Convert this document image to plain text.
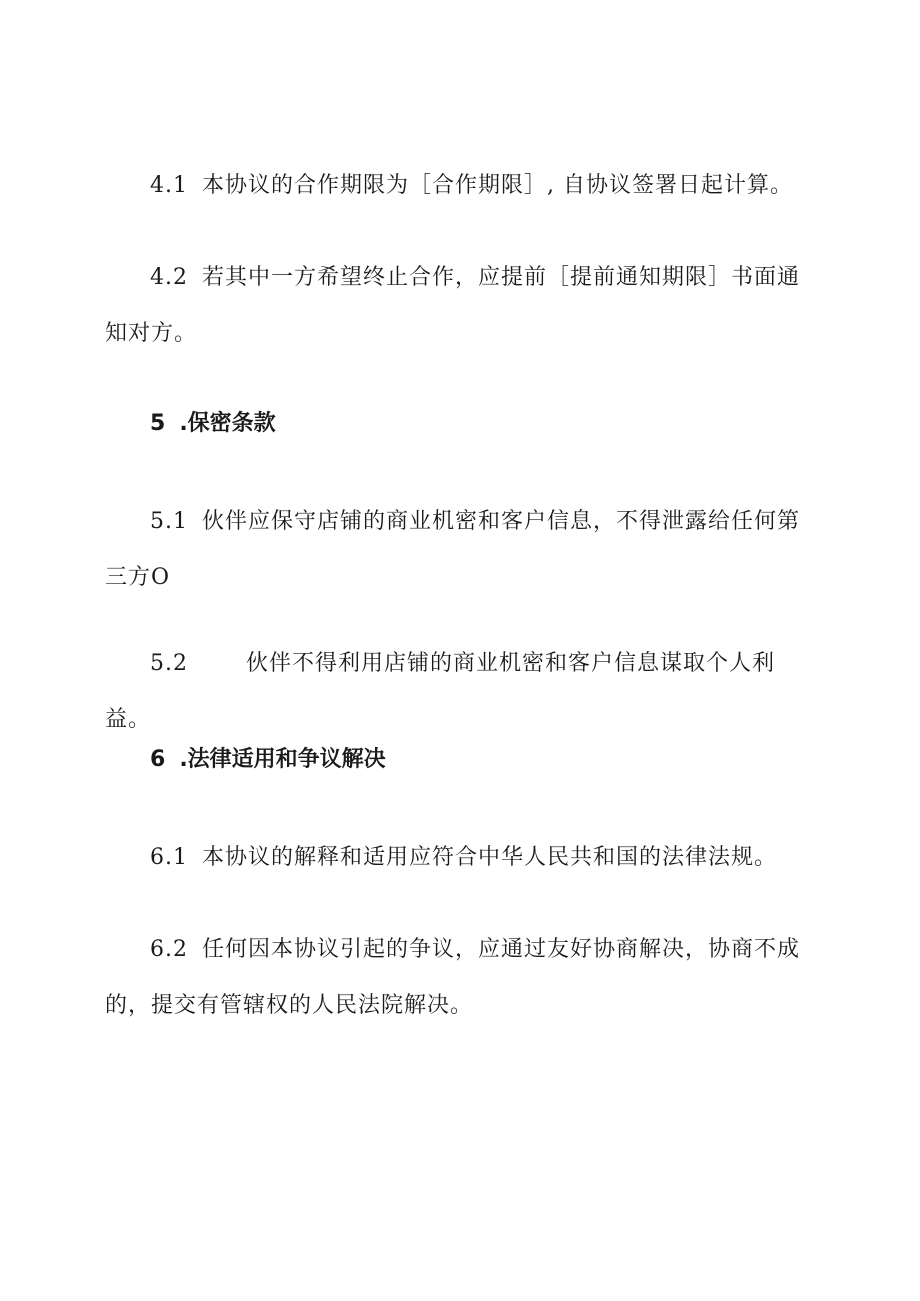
4.1 本协议的合作期限为［合作期限］, 自协议签署日起计算。

4.2 若其中一方希望终止合作，应提前［提前通知期限］书面通知对方。

5 .保密条款

5.1 伙伴应保守店铺的商业机密和客户信息，不得泄露给任何第三方O

5.2	伙伴不得利用店铺的商业机密和客户信息谋取个人利益。

6 .法律适用和争议解决

6.1 本协议的解释和适用应符合中华人民共和国的法律法规。

6.2 任何因本协议引起的争议，应通过友好协商解决，协商不成的，提交有管辖权的人民法院解决。
